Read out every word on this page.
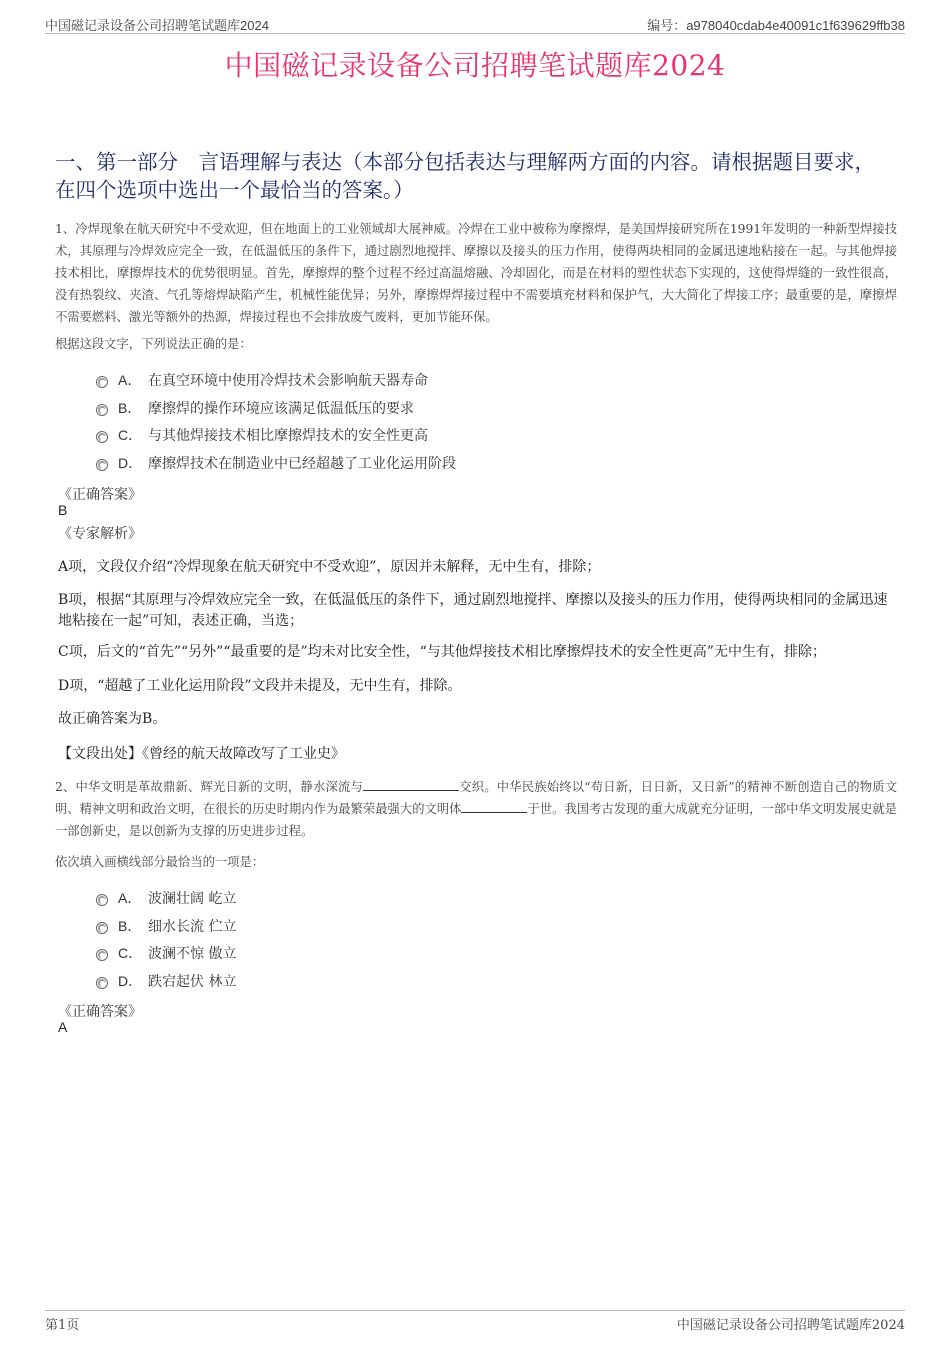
中国磁记录设备公司招聘笔试题库2024	编号：a978040cdab4e40091c1f639629ffb38
中国磁记录设备公司招聘笔试题库2024
一、第一部分　言语理解与表达（本部分包括表达与理解两方面的内容。请根据题目要求，在四个选项中选出一个最恰当的答案。）
1、冷焊现象在航天研究中不受欢迎，但在地面上的工业领域却大展神威。冷焊在工业中被称为摩擦焊，是美国焊接研究所在1991年发明的一种新型焊接技术，其原理与冷焊效应完全一致，在低温低压的条件下，通过剧烈地搅拌、摩擦以及接头的压力作用，使得两块相同的金属迅速地粘接在一起。与其他焊接技术相比，摩擦焊技术的优势很明显。首先，摩擦焊的整个过程不经过高温熔融、冷却固化，而是在材料的塑性状态下实现的，这使得焊缝的一致性很高，没有热裂纹、夹渣、气孔等熔焊缺陷产生，机械性能优异；另外，摩擦焊焊接过程中不需要填充材料和保护气，大大简化了焊接工序；最重要的是，摩擦焊不需要燃料、激光等额外的热源，焊接过程也不会排放废气废料，更加节能环保。
根据这段文字，下列说法正确的是：
A． 在真空环境中使用冷焊技术会影响航天器寿命
B． 摩擦焊的操作环境应该满足低温低压的要求
C． 与其他焊接技术相比摩擦焊技术的安全性更高
D． 摩擦焊技术在制造业中已经超越了工业化运用阶段
《正确答案》
B
《专家解析》
A项，文段仅介绍“冷焊现象在航天研究中不受欢迎”，原因并未解释，无中生有，排除；
B项，根据“其原理与冷焊效应完全一致，在低温低压的条件下，通过剧烈地搅拌、摩擦以及接头的压力作用，使得两块相同的金属迅速地粘接在一起”可知，表述正确，当选；
C项，后文的“首先”“另外”“最重要的是”均未对比安全性，“与其他焊接技术相比摩擦焊技术的安全性更高”无中生有，排除；
D项，“超越了工业化运用阶段”文段并未提及，无中生有，排除。
故正确答案为B。
【文段出处】《曾经的航天故障改写了工业史》
2、中华文明是革故鼎新、辉光日新的文明，静水深流与	交织。中华民族始终以“苟日新，日日新，又日新”的精神不断创造自己的物质文明、精神文明和政治文明，在很长的历史时期内作为最繁荣最强大的文明体	于世。我国考古发现的重大成就充分证明，一部中华文明发展史就是一部创新史，是以创新为支撑的历史进步过程。
依次填入画横线部分最恰当的一项是：
A． 波澜壮阔 屹立
B． 细水长流 伫立
C． 波澜不惊 傲立
D． 跌宕起伏 林立
《正确答案》
A
第1页	中国磁记录设备公司招聘笔试题库2024
